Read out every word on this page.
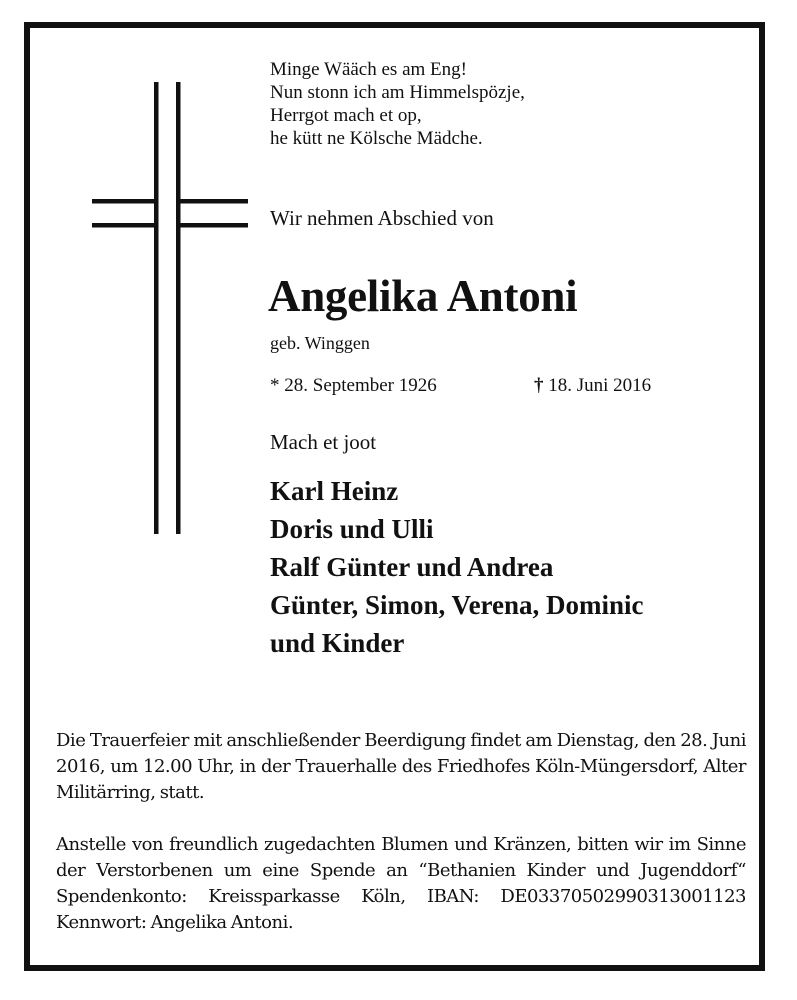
Minge Wääch es am Eng!
Nun stonn ich am Himmelspözje,
Herrgot mach et op,
he kütt ne Kölsche Mädche.
Wir nehmen Abschied von
Angelika Antoni
geb. Winggen
* 28. September 1926	† 18. Juni 2016
Mach et joot
Karl Heinz
Doris und Ulli
Ralf Günter und Andrea
Günter, Simon, Verena, Dominic
und Kinder
Die Trauerfeier mit anschließender Beerdigung findet am Dienstag, den 28. Juni 2016, um 12.00 Uhr, in der Trauerhalle des Friedhofes Köln-Müngersdorf, Alter Militärring, statt.
Anstelle von freundlich zugedachten Blumen und Kränzen, bitten wir im Sinne der Verstorbenen um eine Spende an “Bethanien Kinder und Jugenddorf“ Spendenkonto: Kreissparkasse Köln, IBAN: DE03370502990313001123 Kennwort: Angelika Antoni.
